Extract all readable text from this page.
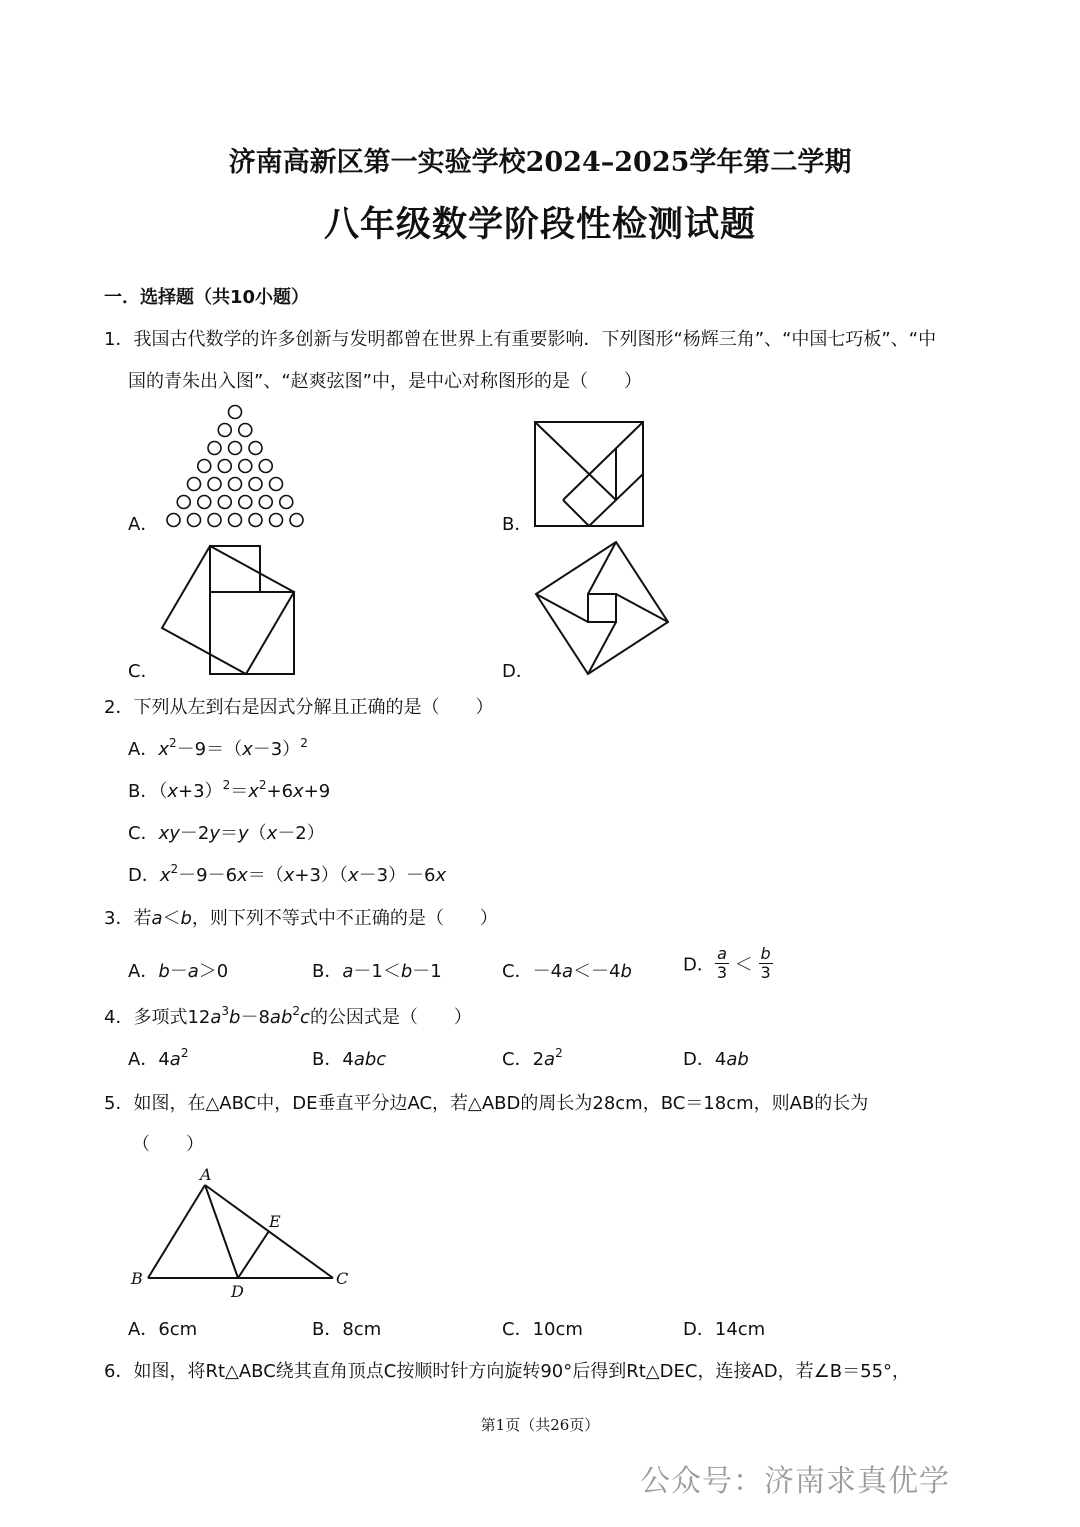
济南高新区第一实验学校2024–2025学年第二学期
八年级数学阶段性检测试题
一．选择题（共10小题）
1．我国古代数学的许多创新与发明都曾在世界上有重要影响．下列图形“杨辉三角”、“中国七巧板”、“中
国的青朱出入图”、“赵爽弦图”中，是中心对称图形的是（　　）
A．	B．
C．	D．
2．下列从左到右是因式分解且正确的是（　　）
A．$x^2-9=(x-3)^2$
B．$(x+3)^2=x^2+6x+9$
C．xy－2y＝y（x－2）
D．$x^2-9-6x=(x+3)(x-3)-6x$
3．若a＜b，则下列不等式中不正确的是（　　）
A．b－a＞0	B．a－1＜b－1	C．－4a＜－4b	D． $\frac{a}{3} < \frac{b}{3}$
4．多项式$12a^3b-8ab^2c$的公因式是（　　）
A．$4a^2$	B．4abc	C．$2a^2$	D．4ab
5．如图，在△ABC中，DE垂直平分边AC，若△ABD的周长为28cm，BC＝18cm，则AB的长为
（　　）
A
E
B
D
C
A．6cm	B．8cm	C．10cm	D．14cm
6．如图，将Rt△ABC绕其直角顶点C按顺时针方向旋转90°后得到Rt△DEC，连接AD，若∠B＝55°，
第1页（共26页）
公众号：济南求真优学
